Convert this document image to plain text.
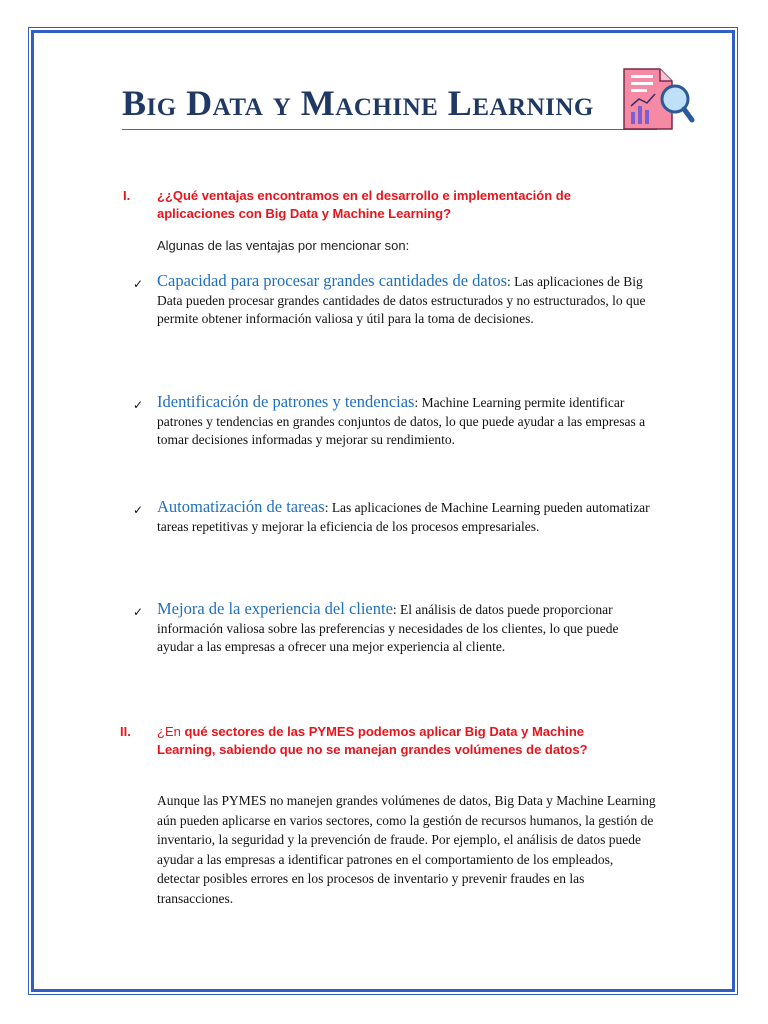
Big Data y Machine Learning
I. ¿¿Qué ventajas encontramos en el desarrollo e implementación de aplicaciones con Big Data y Machine Learning?

Algunas de las ventajas por mencionar son:

✓ Capacidad para procesar grandes cantidades de datos: Las aplicaciones de Big Data pueden procesar grandes cantidades de datos estructurados y no estructurados, lo que permite obtener información valiosa y útil para la toma de decisiones.

✓ Identificación de patrones y tendencias: Machine Learning permite identificar patrones y tendencias en grandes conjuntos de datos, lo que puede ayudar a las empresas a tomar decisiones informadas y mejorar su rendimiento.

✓ Automatización de tareas: Las aplicaciones de Machine Learning pueden automatizar tareas repetitivas y mejorar la eficiencia de los procesos empresariales.

✓ Mejora de la experiencia del cliente: El análisis de datos puede proporcionar información valiosa sobre las preferencias y necesidades de los clientes, lo que puede ayudar a las empresas a ofrecer una mejor experiencia al cliente.

II. ¿En qué sectores de las PYMES podemos aplicar Big Data y Machine Learning, sabiendo que no se manejan grandes volúmenes de datos?

Aunque las PYMES no manejen grandes volúmenes de datos, Big Data y Machine Learning aún pueden aplicarse en varios sectores, como la gestión de recursos humanos, la gestión de inventario, la seguridad y la prevención de fraude. Por ejemplo, el análisis de datos puede ayudar a las empresas a identificar patrones en el comportamiento de los empleados, detectar posibles errores en los procesos de inventario y prevenir fraudes en las transacciones.
